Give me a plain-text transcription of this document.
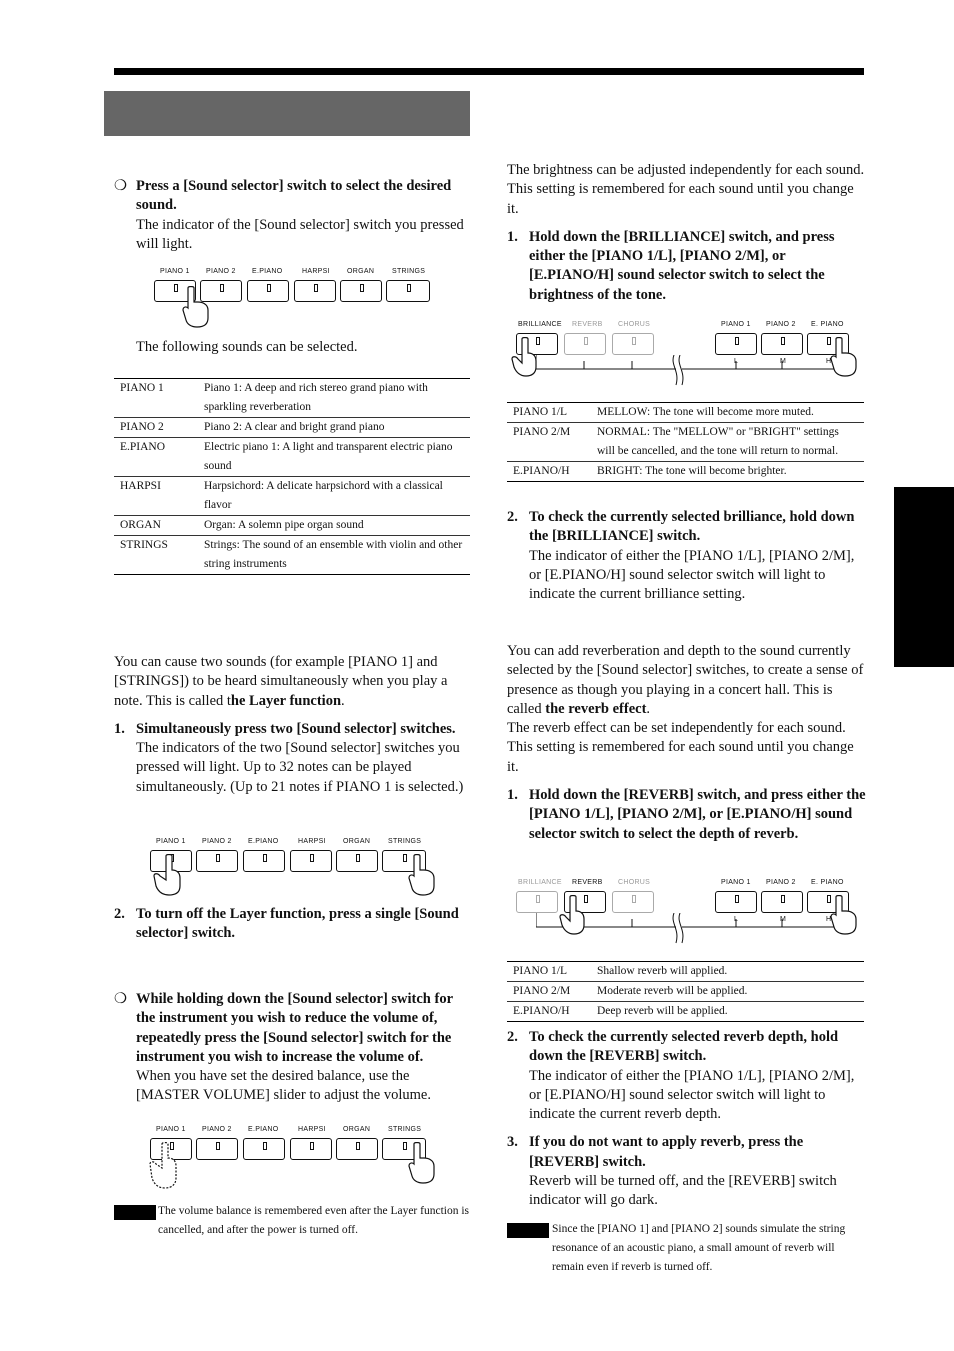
❍ Press a [Sound selector] switch to select the desired sound.
The indicator of the [Sound selector] switch you pressed will light.

PIANO 1 PIANO 2 E.PIANO	HARPSI ORGAN	STRINGS

The following sounds can be selected.

PIANO 1	Piano 1: A deep and rich stereo grand piano with sparkling reverberation
PIANO 2	Piano 2: A clear and bright grand piano
E.PIANO	Electric piano 1: A light and transparent electric piano sound
HARPSI	Harpsichord: A delicate harpsichord with a classical flavor
ORGAN	Organ: A solemn pipe organ sound
STRINGS	Strings: The sound of an ensemble with violin and other string instruments

You can cause two sounds (for example [PIANO 1] and [STRINGS]) to be heard simultaneously when you play a note. This is called the Layer function.

1. Simultaneously press two [Sound selector] switches.
The indicators of the two [Sound selector] switches you pressed will light. Up to 32 notes can be played simultaneously. (Up to 21 notes if PIANO 1 is selected.)

PIANO 1 PIANO 2 E.PIANO	HARPSI ORGAN	STRINGS

2. To turn off the Layer function, press a single [Sound selector] switch.

❍ While holding down the [Sound selector] switch for the instrument you wish to reduce the volume of, repeatedly press the [Sound selector] switch for the instrument you wish to increase the volume of.
When you have set the desired balance, use the [MASTER VOLUME] slider to adjust the volume.

PIANO 1 PIANO 2 E.PIANO	HARPSI ORGAN	STRINGS
The volume balance is remembered even after the Layer function is cancelled, and after the power is turned off.

The brightness can be adjusted independently for each sound. This setting is remembered for each sound until you change it.

1. Hold down the [BRILLIANCE] switch, and press either the [PIANO 1/L], [PIANO 2/M], or [E.PIANO/H] sound selector switch to select the brightness of the tone.

BRILLIANCE REVERB CHORUS	PIANO 1 PIANO 2 E. PIANO
L	M	H
PIANO 1/L	MELLOW: The tone will become more muted.
PIANO 2/M	NORMAL: The "MELLOW" or "BRIGHT" settings will be cancelled, and the tone will return to normal.
E.PIANO/H	BRIGHT: The tone will become brighter.

2. To check the currently selected brilliance, hold down the [BRILLIANCE] switch.
The indicator of either the [PIANO 1/L], [PIANO 2/M], or [E.PIANO/H] sound selector switch will light to indicate the current brilliance setting.

You can add reverberation and depth to the sound currently selected by the [Sound selector] switches, to create a sense of presence as though you playing in a concert hall. This is called the reverb effect.

The reverb effect can be set independently for each sound. This setting is remembered for each sound until you change it.

1. Hold down the [REVERB] switch, and press either the [PIANO 1/L], [PIANO 2/M], or [E.PIANO/H] sound selector switch to select the depth of reverb.

BRILLIANCE REVERB CHORUS	PIANO 1 PIANO 2 E. PIANO
L	M	H
PIANO 1/L	Shallow reverb will applied.
PIANO 2/M	Moderate reverb will be applied.
E.PIANO/H	Deep reverb will be applied.

2. To check the currently selected reverb depth, hold down the [REVERB] switch.
The indicator of either the [PIANO 1/L], [PIANO 2/M], or [E.PIANO/H] sound selector switch will light to indicate the current reverb depth.

3. If you do not want to apply reverb, press the [REVERB] switch.
Reverb will be turned off, and the [REVERB] switch indicator will go dark.

Since the [PIANO 1] and [PIANO 2] sounds simulate the string resonance of an acoustic piano, a small amount of reverb will remain even if reverb is turned off.
